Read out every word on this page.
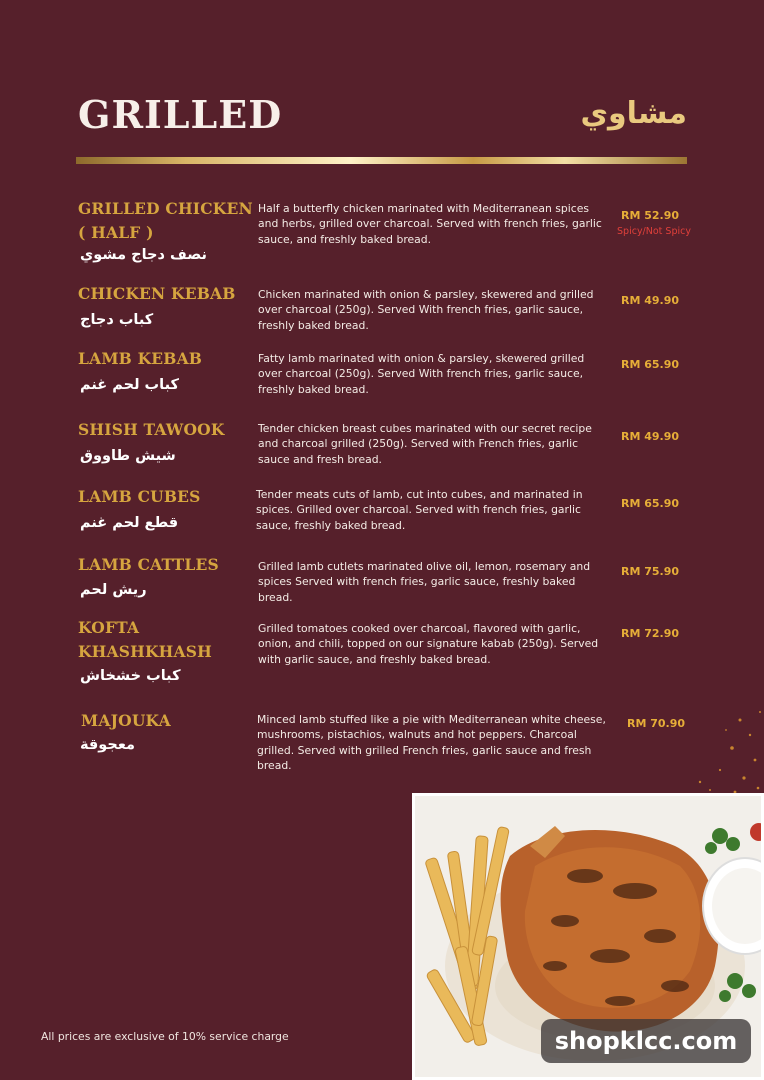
GRILLED	مشاوي
GRILLED CHICKEN ( HALF )
نصف دجاج مشوي
Half a butterfly chicken marinated with Mediterranean spices and herbs, grilled over charcoal. Served with french fries, garlic sauce, and freshly baked bread.
RM 52.90
Spicy/Not Spicy
CHICKEN KEBAB
كباب دجاج
Chicken marinated with onion & parsley, skewered and grilled over charcoal (250g). Served With french fries, garlic sauce, freshly baked bread.
RM 49.90
LAMB KEBAB
كباب لحم غنم
Fatty lamb marinated with onion & parsley, skewered grilled over charcoal (250g). Served With french fries, garlic sauce, freshly baked bread.
RM 65.90
SHISH TAWOOK
شيش طاووق
Tender chicken breast cubes marinated with our secret recipe and charcoal grilled (250g). Served with French fries, garlic sauce and fresh bread.
RM 49.90
LAMB CUBES
قطع لحم غنم
Tender meats cuts of lamb, cut into cubes, and marinated in spices. Grilled over charcoal. Served with french fries, garlic sauce, freshly baked bread.
RM 65.90
LAMB CATTLES
ريش لحم
Grilled lamb cutlets marinated olive oil, lemon, rosemary and spices Served with french fries, garlic sauce, freshly baked bread.
RM 75.90
KOFTA KHASHKHASH
كباب خشخاش
Grilled tomatoes cooked over charcoal, flavored with garlic, onion, and chili, topped on our signature kabab (250g). Served with garlic sauce, and freshly baked bread.
RM 72.90
MAJOUKA
معجوقة
Minced lamb stuffed like a pie with Mediterranean white cheese, mushrooms, pistachios, walnuts and hot peppers. Charcoal grilled. Served with grilled French fries, garlic sauce and fresh bread.
RM 70.90
All prices are exclusive of 10% service charge	shopklcc.com
